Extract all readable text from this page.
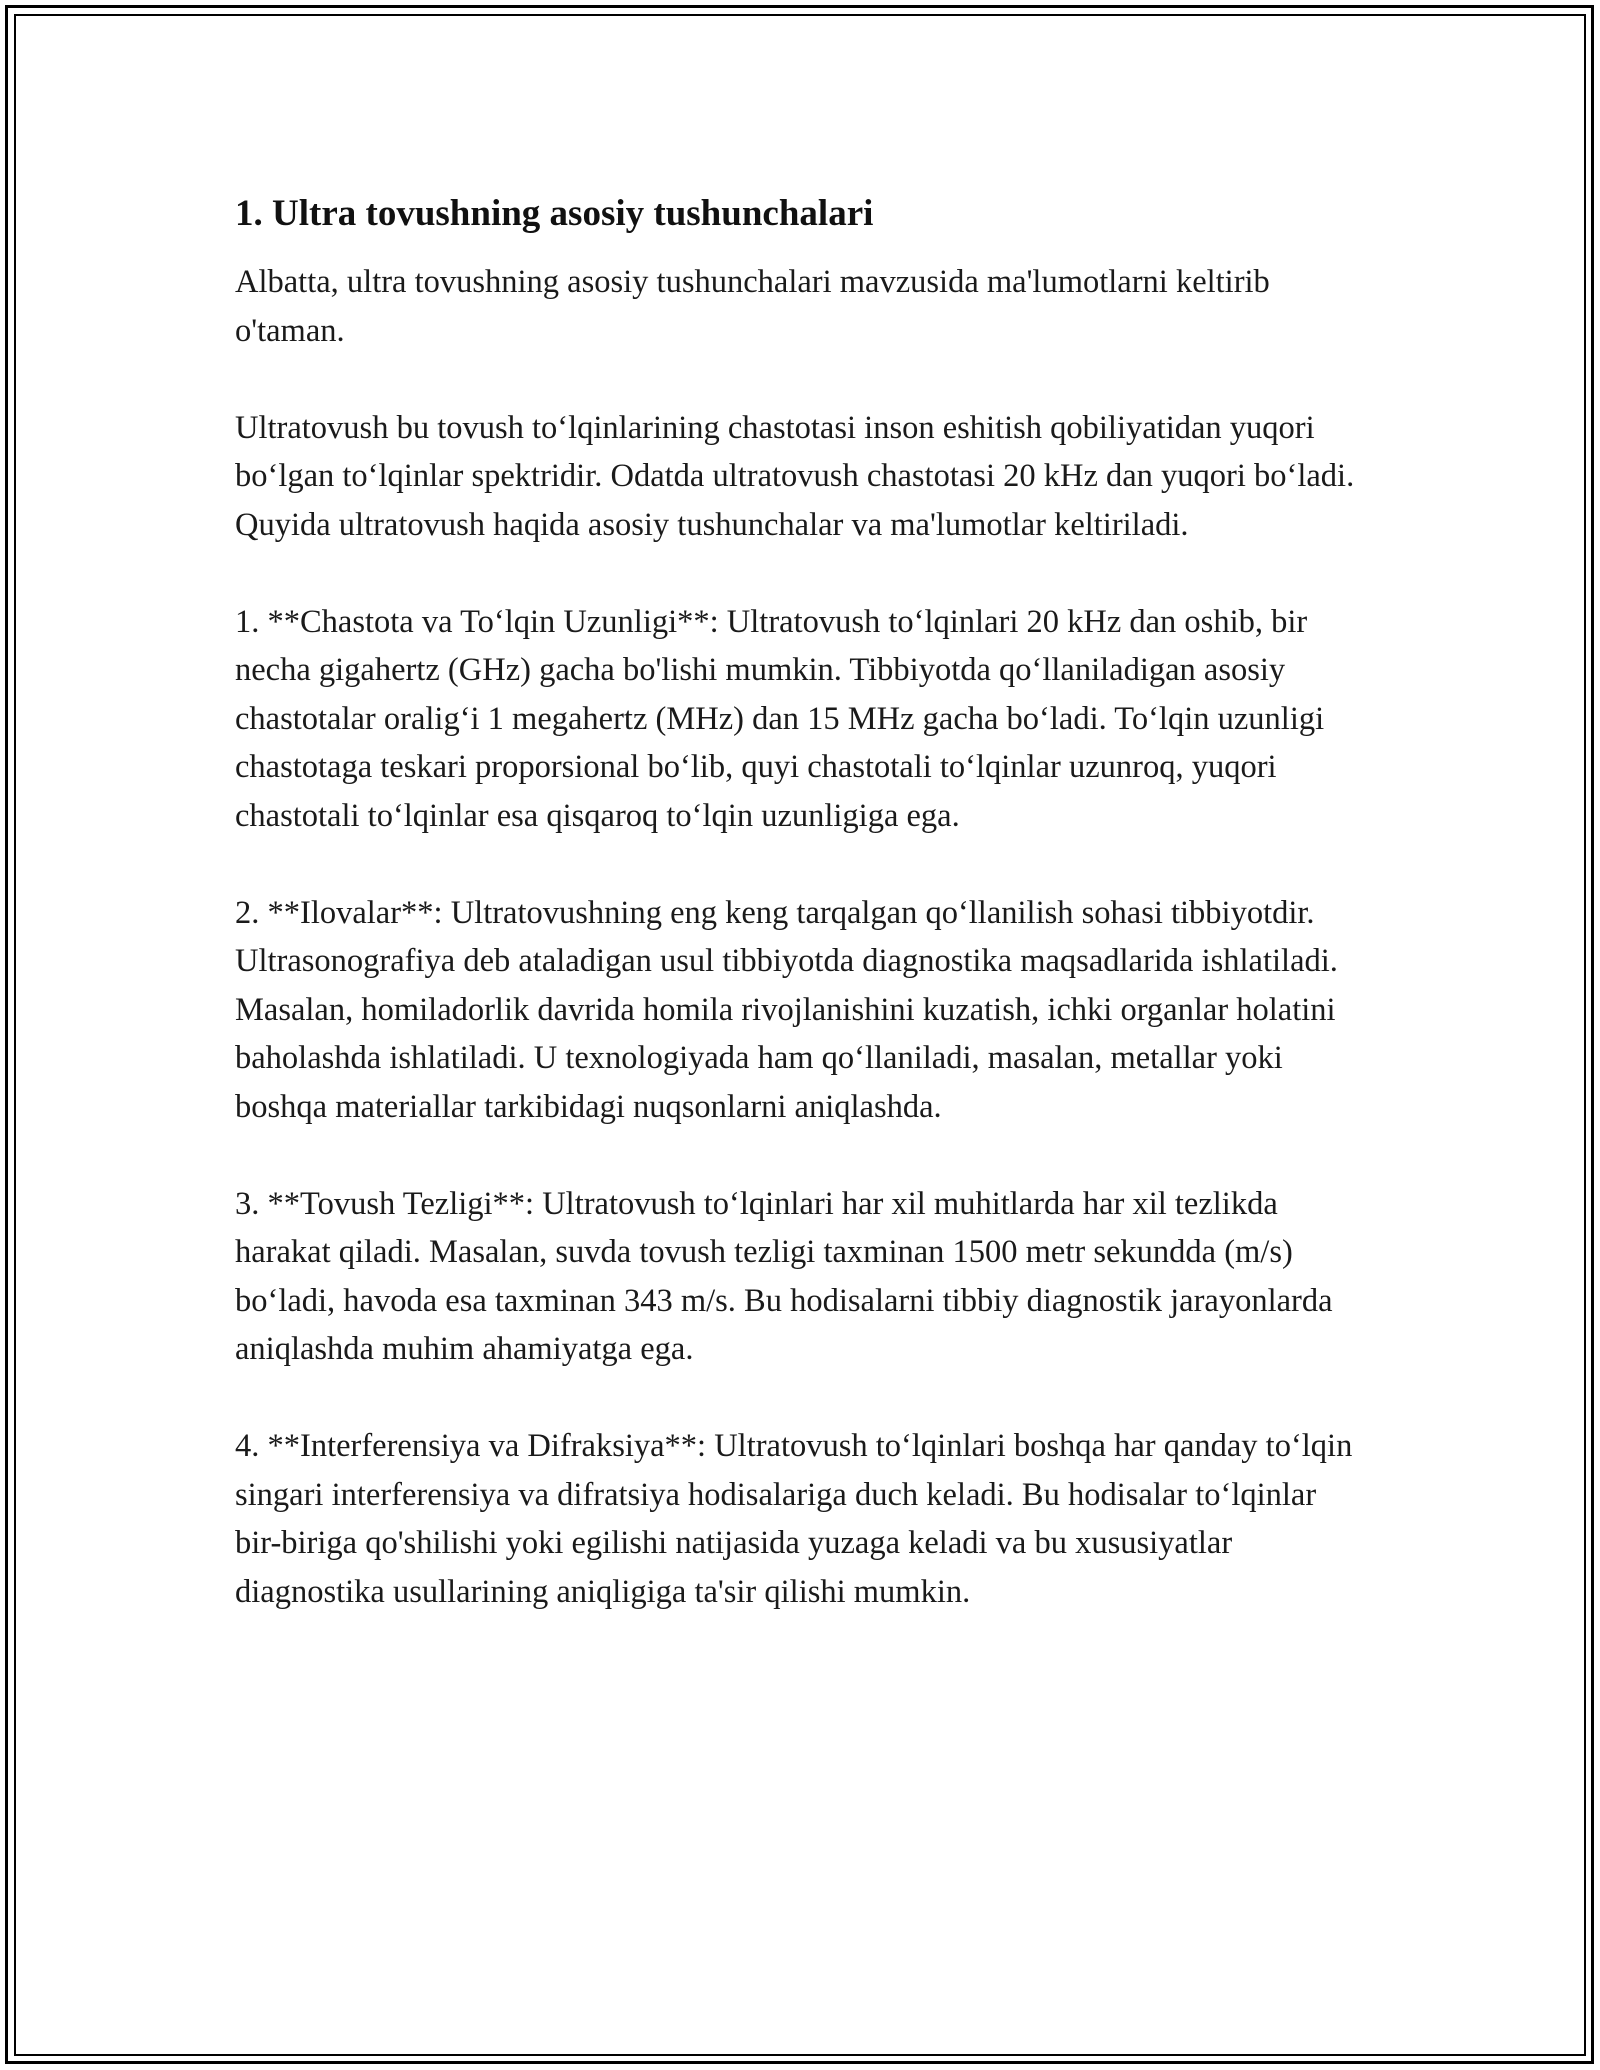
1. Ultra tovushning asosiy tushunchalari

Albatta, ultra tovushning asosiy tushunchalari mavzusida ma'lumotlarni keltirib o'taman.

Ultratovush bu tovush to‘lqinlarining chastotasi inson eshitish qobiliyatidan yuqori bo‘lgan to‘lqinlar spektridir. Odatda ultratovush chastotasi 20 kHz dan yuqori bo‘ladi. Quyida ultratovush haqida asosiy tushunchalar va ma'lumotlar keltiriladi.

1. **Chastota va To‘lqin Uzunligi**: Ultratovush to‘lqinlari 20 kHz dan oshib, bir necha gigahertz (GHz) gacha bo'lishi mumkin. Tibbiyotda qo‘llaniladigan asosiy chastotalar oralig‘i 1 megahertz (MHz) dan 15 MHz gacha bo‘ladi. To‘lqin uzunligi chastotaga teskari proporsional bo‘lib, quyi chastotali to‘lqinlar uzunroq, yuqori chastotali to‘lqinlar esa qisqaroq to‘lqin uzunligiga ega.

2. **Ilovalar**: Ultratovushning eng keng tarqalgan qo‘llanilish sohasi tibbiyotdir. Ultrasonografiya deb ataladigan usul tibbiyotda diagnostika maqsadlarida ishlatiladi. Masalan, homiladorlik davrida homila rivojlanishini kuzatish, ichki organlar holatini baholashda ishlatiladi. U texnologiyada ham qo‘llaniladi, masalan, metallar yoki boshqa materiallar tarkibidagi nuqsonlarni aniqlashda.

3. **Tovush Tezligi**: Ultratovush to‘lqinlari har xil muhitlarda har xil tezlikda harakat qiladi. Masalan, suvda tovush tezligi taxminan 1500 metr sekundda (m/s) bo‘ladi, havoda esa taxminan 343 m/s. Bu hodisalarni tibbiy diagnostik jarayonlarda aniqlashda muhim ahamiyatga ega.

4. **Interferensiya va Difraksiya**: Ultratovush to‘lqinlari boshqa har qanday to‘lqin singari interferensiya va difratsiya hodisalariga duch keladi. Bu hodisalar to‘lqinlar bir-biriga qo'shilishi yoki egilishi natijasida yuzaga keladi va bu xususiyatlar diagnostika usullarining aniqligiga ta'sir qilishi mumkin.
